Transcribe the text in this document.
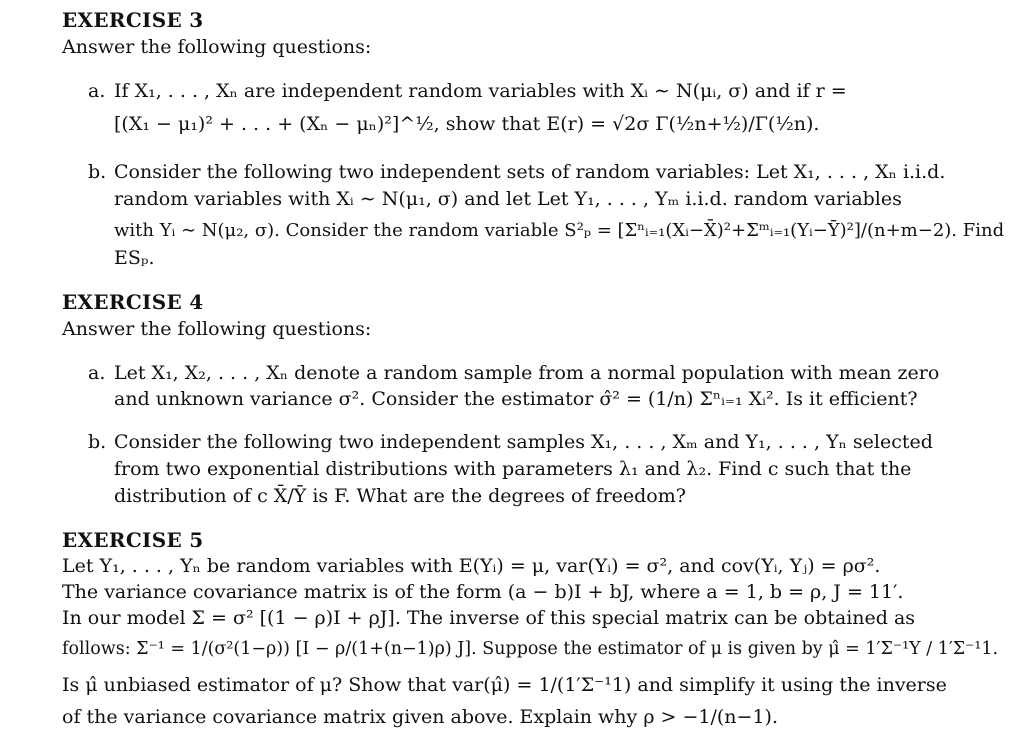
EXERCISE 3
Answer the following questions:
a. If X₁, . . . , Xₙ are independent random variables with Xᵢ ∼ N(μᵢ, σ) and if r =
[(X₁ − μ₁)² + . . . + (Xₙ − μₙ)²]^½, show that E(r) = √2σ Γ(½n+½)/Γ(½n).
b. Consider the following two independent sets of random variables: Let X₁, . . . , Xₙ i.i.d.
random variables with Xᵢ ∼ N(μ₁, σ) and let Let Y₁, . . . , Yₘ i.i.d. random variables
with Yᵢ ∼ N(μ₂, σ). Consider the random variable S²ₚ = [Σⁿᵢ₌₁(Xᵢ−X̄)²+Σᵐᵢ₌₁(Yᵢ−Ȳ)²]/(n+m−2). Find
ESₚ.
EXERCISE 4
Answer the following questions:
a. Let X₁, X₂, . . . , Xₙ denote a random sample from a normal population with mean zero
and unknown variance σ². Consider the estimator σ̂² = (1/n) Σⁿᵢ₌₁ Xᵢ². Is it efficient?
b. Consider the following two independent samples X₁, . . . , Xₘ and Y₁, . . . , Yₙ selected
from two exponential distributions with parameters λ₁ and λ₂. Find c such that the
distribution of c X̄/Ȳ is F. What are the degrees of freedom?
EXERCISE 5
Let Y₁, . . . , Yₙ be random variables with E(Yᵢ) = μ, var(Yᵢ) = σ², and cov(Yᵢ, Yⱼ) = ρσ².
The variance covariance matrix is of the form (a − b)I + bJ, where a = 1, b = ρ, J = 11′.
In our model Σ = σ² [(1 − ρ)I + ρJ]. The inverse of this special matrix can be obtained as
follows: Σ⁻¹ = 1/(σ²(1−ρ)) [I − ρ/(1+(n−1)ρ) J]. Suppose the estimator of μ is given by μ̂ = 1′Σ⁻¹Y / 1′Σ⁻¹1.
Is μ̂ unbiased estimator of μ? Show that var(μ̂) = 1/(1′Σ⁻¹1) and simplify it using the inverse
of the variance covariance matrix given above. Explain why ρ > −1/(n−1).
